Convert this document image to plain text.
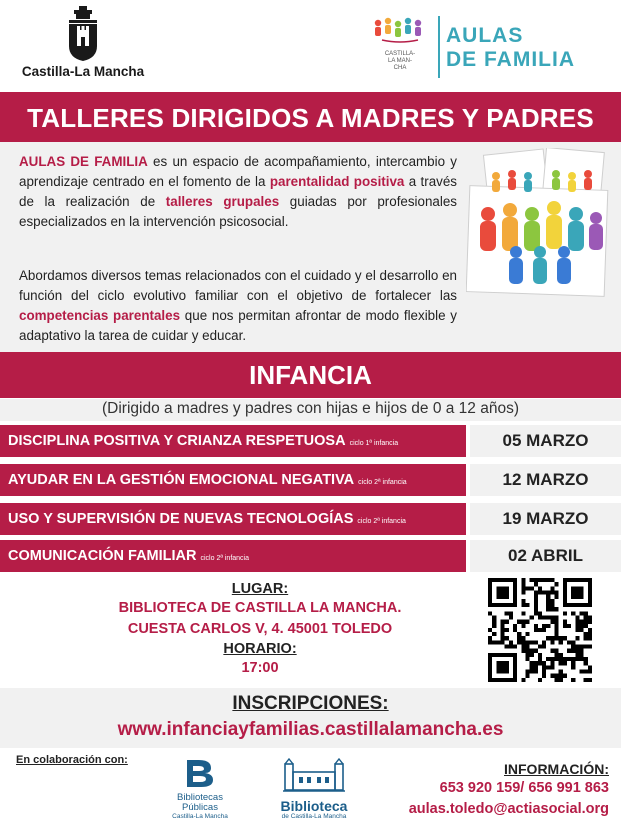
Castilla-La Mancha
CASTILLA-
LA MAN-
CHA
AULAS
DE FAMILIA
TALLERES DIRIGIDOS A MADRES Y PADRES

AULAS DE FAMILIA es un espacio de acompañamiento, intercambio y aprendizaje centrado en el fomento de la parentalidad positiva a través de la realización de talleres grupales guiadas por profesionales especializados en la intervención psicosocial.

Abordamos diversos temas relacionados con el cuidado y el desarrollo en función del ciclo evolutivo familiar con el objetivo de fortalecer las competencias parentales que nos permitan afrontar de modo flexible y adaptativo la tarea de cuidar y educar.

INFANCIA
(Dirigido a madres y padres con hijas e hijos de 0 a 12 años)
DISCIPLINA POSITIVA Y CRIANZA RESPETUOSA ciclo 1ª infancia	05 MARZO
AYUDAR EN LA GESTIÓN EMOCIONAL NEGATIVA ciclo 2ª infancia	12 MARZO
USO Y SUPERVISIÓN DE NUEVAS TECNOLOGÍAS ciclo 2ª infancia	19 MARZO
COMUNICACIÓN FAMILIAR ciclo 2ª infancia	02 ABRIL
LUGAR:
BIBLIOTECA DE CASTILLA LA MANCHA.
CUESTA CARLOS V, 4. 45001 TOLEDO
HORARIO:
17:00
INSCRIPCIONES:
www.infanciayfamilias.castillalamancha.es
En colaboración con:
Bibliotecas
Públicas
Castilla-La Mancha
Biblioteca
de Castilla-La Mancha
INFORMACIÓN:
653 920 159/ 656 991 863
aulas.toledo@actiasocial.org
